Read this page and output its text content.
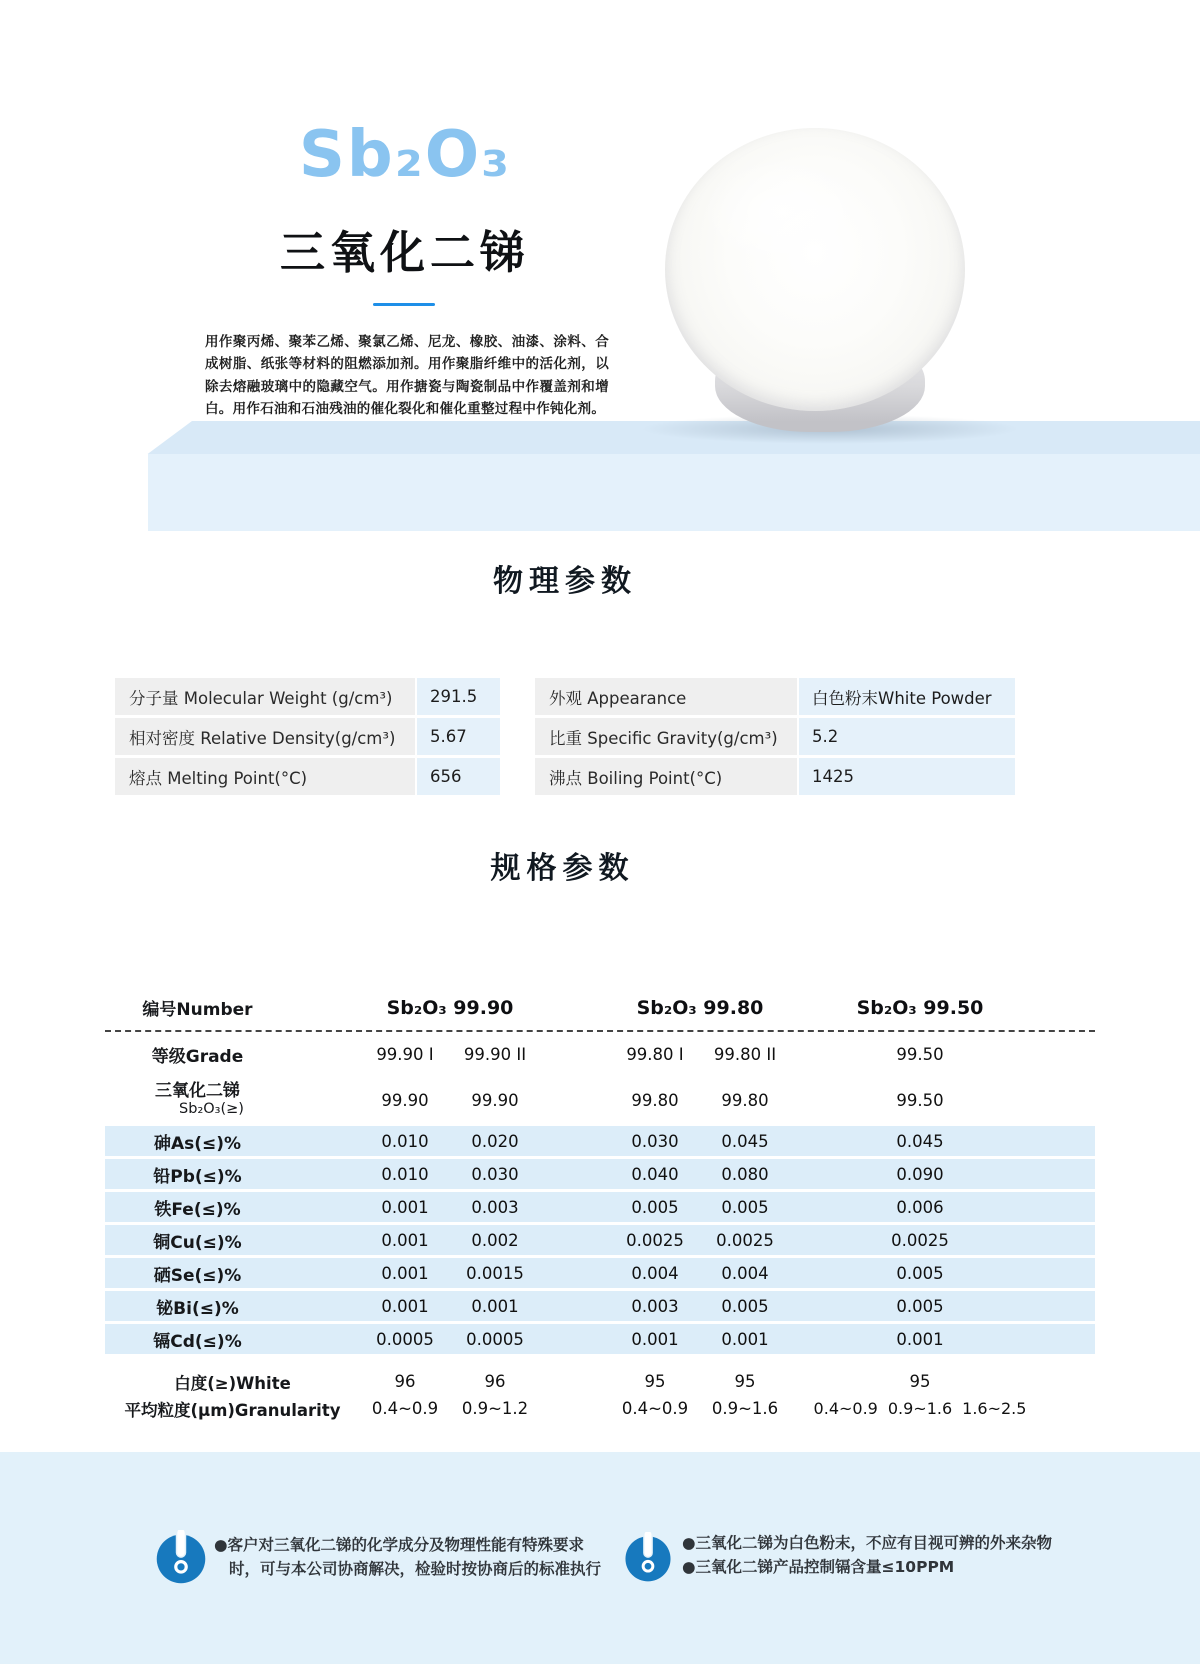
Sb₂O₃
三氧化二锑

用作聚丙烯、聚苯乙烯、聚氯乙烯、尼龙、橡胶、油漆、涂料、合成树脂、纸张等材料的阻燃添加剂。用作聚脂纤维中的活化剂，以除去熔融玻璃中的隐藏空气。用作搪瓷与陶瓷制品中作覆盖剂和增白。用作石油和石油残油的催化裂化和催化重整过程中作钝化剂。

物理参数
分子量 Molecular Weight (g/cm³)	291.5
相对密度 Relative Density(g/cm³)	5.67
熔点 Melting Point(°C)	656
外观 Appearance	白色粉末White Powder
比重 Specific Gravity(g/cm³)	5.2
沸点 Boiling Point(°C)	1425
规格参数
编号Number	Sb₂O₃ 99.90	Sb₂O₃ 99.80	Sb₂O₃ 99.50
等级Grade	99.90 I	99.90 II	99.80 I	99.80 II	99.50
三氧化二锑
Sb₂O₃(≥)	99.90	99.90	99.80	99.80	99.50
砷As(≤)%	0.010	0.020	0.030	0.045	0.045
铅Pb(≤)%	0.010	0.030	0.040	0.080	0.090
铁Fe(≤)%	0.001	0.003	0.005	0.005	0.006
铜Cu(≤)%	0.001	0.002	0.0025	0.0025	0.0025
硒Se(≤)%	0.001	0.0015	0.004	0.004	0.005
铋Bi(≤)%	0.001	0.001	0.003	0.005	0.005
镉Cd(≤)%	0.0005	0.0005	0.001	0.001	0.001
白度(≥)White	96	96	95	95	95
平均粒度(μm)Granularity	0.4~0.9	0.9~1.2	0.4~0.9	0.9~1.6	0.4~0.9 0.9~1.6 1.6~2.5
●客户对三氧化二锑的化学成分及物理性能有特殊要求
时，可与本公司协商解决，检验时按协商后的标准执行
●三氧化二锑为白色粉末，不应有目视可辨的外来杂物
●三氧化二锑产品控制镉含量≤10PPM
